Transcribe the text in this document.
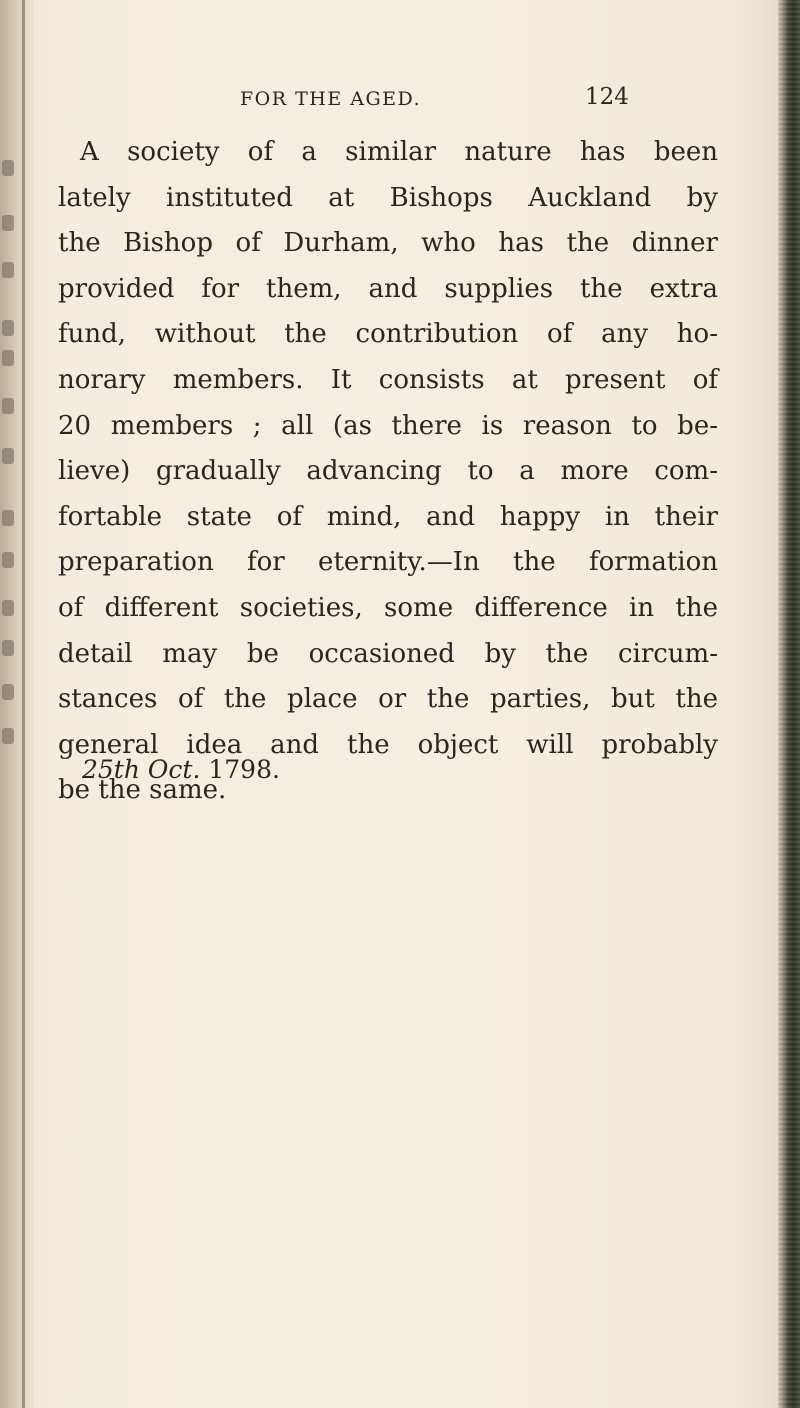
FOR THE AGED.	124

A society of a similar nature has been
lately instituted at Bishops Auckland by
the Bishop of Durham, who has the dinner
provided for them, and supplies the extra
fund, without the contribution of any ho-
norary members. It consists at present of
20 members ; all (as there is reason to be-
lieve) gradually advancing to a more com-
fortable state of mind, and happy in their
preparation for eternity.—In the formation
of different societies, some difference in the
detail may be occasioned by the circum-
stances of the place or the parties, but the
general idea and the object will probably
be the same.

25th Oct. 1798.
